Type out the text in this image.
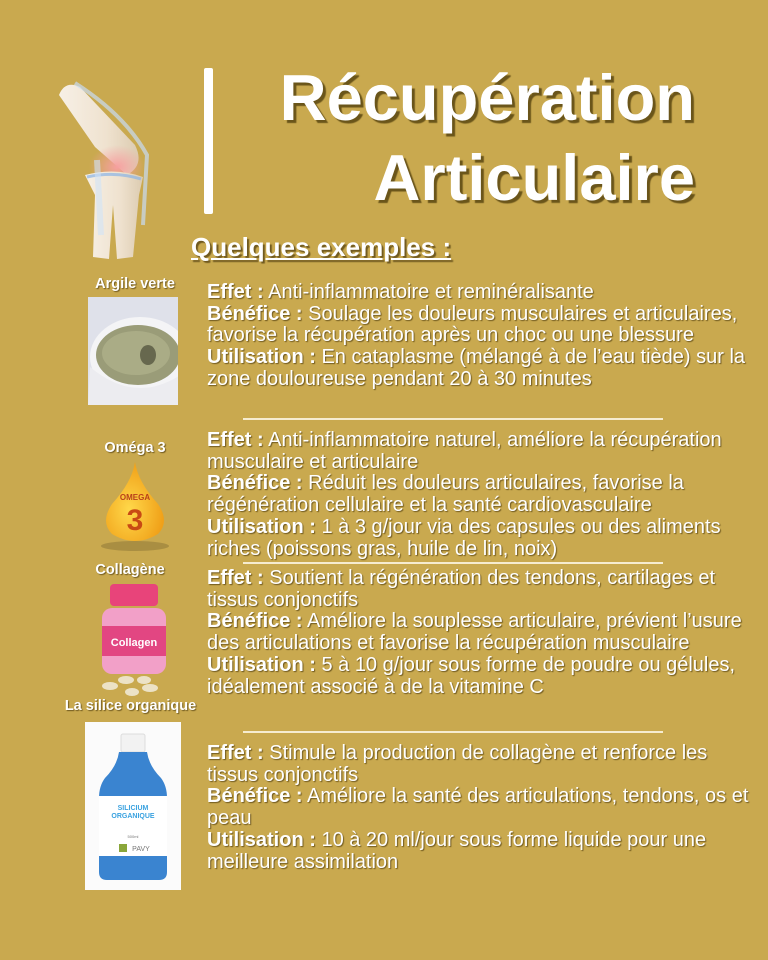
Récupération
Articulaire
Quelques exemples :
Argile verte	Effet : Anti-inflammatoire et reminéralisante
Bénéfice : Soulage les douleurs musculaires et articulaires, favorise la récupération après un choc ou une blessure
Utilisation : En cataplasme (mélangé à de l’eau tiède) sur la zone douloureuse pendant 20 à 30 minutes
Oméga 3
OMEGA
3
Effet : Anti-inflammatoire naturel, améliore la récupération musculaire et articulaire
Bénéfice : Réduit les douleurs articulaires, favorise la régénération cellulaire et la santé cardiovasculaire
Utilisation : 1 à 3 g/jour via des capsules ou des aliments riches (poissons gras, huile de lin, noix)
Collagène
Collagen
Effet : Soutient la régénération des tendons, cartilages et tissus conjonctifs
Bénéfice : Améliore la souplesse articulaire, prévient l’usure des articulations et favorise la récupération musculaire
Utilisation : 5 à 10 g/jour sous forme de poudre ou gélules, idéalement associé à de la vitamine C
La silice organique
SILICIUM
ORGANIQUE
500ml
PAVY
Effet : Stimule la production de collagène et renforce les tissus conjonctifs
Bénéfice : Améliore la santé des articulations, tendons, os et peau
Utilisation : 10 à 20 ml/jour sous forme liquide pour une meilleure assimilation
